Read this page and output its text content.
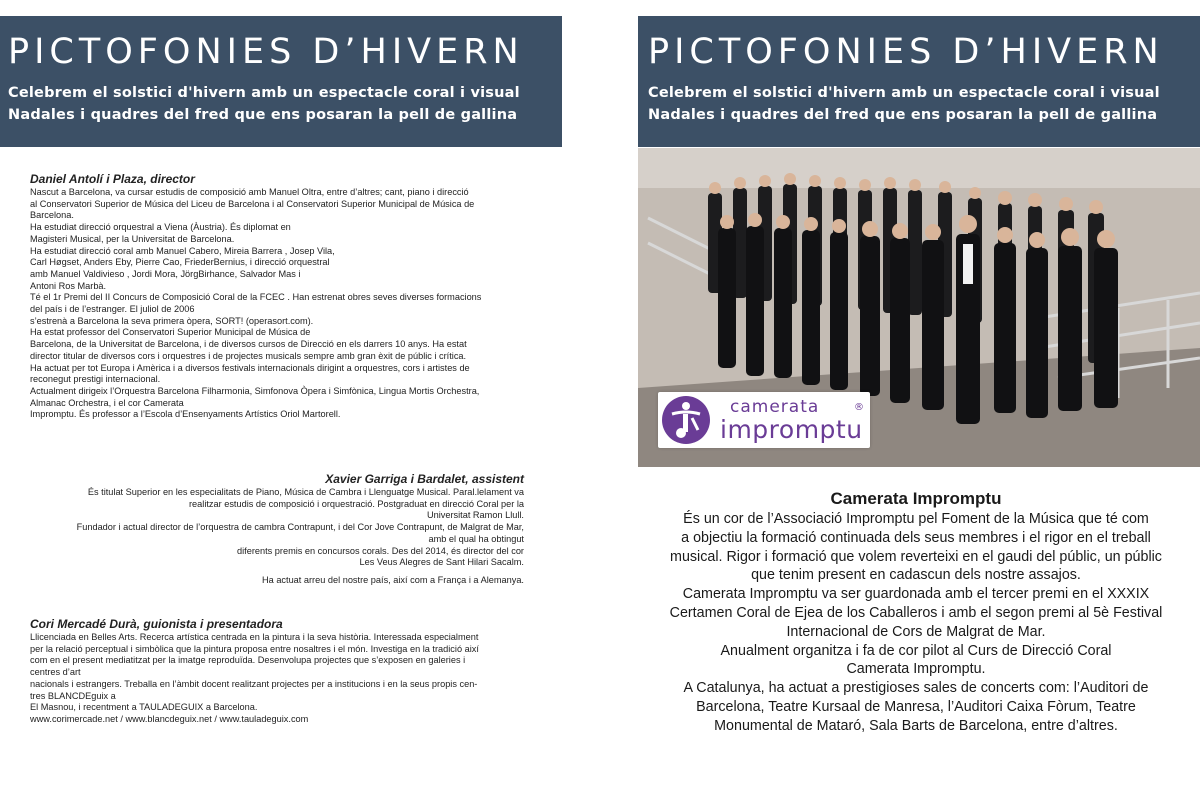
PICTOFONIES D’HIVERN
Celebrem el solstici d'hivern amb un espectacle coral i visual
Nadales i quadres del fred que ens posaran la pell de gallina
PICTOFONIES D’HIVERN
Celebrem el solstici d'hivern amb un espectacle coral i visual
Nadales i quadres del fred que ens posaran la pell de gallina
Daniel Antolí i Plaza, director
Nascut a Barcelona, va cursar estudis de composició amb Manuel Oltra, entre d’altres; cant, piano i direcció
al Conservatori Superior de Música del Liceu de Barcelona i al Conservatori Superior Municipal de Música de
Barcelona.
Ha estudiat direcció orquestral a Viena (Àustria). És diplomat en
Magisteri Musical, per la Universitat de Barcelona.
Ha estudiat direcció coral amb Manuel Cabero, Mireia Barrera , Josep Vila,
Carl Høgset, Anders Eby, Pierre Cao, FriederBernius, i direcció orquestral
amb Manuel Valdivieso , Jordi Mora, JörgBirhance, Salvador Mas i
Antoni Ros Marbà.
Té el 1r Premi del II Concurs de Composició Coral de la FCEC . Han estrenat obres seves diverses formacions
del país i de l’estranger. El juliol de 2006
s’estrenà a Barcelona la seva primera òpera, SORT! (operasort.com).
Ha estat professor del Conservatori Superior Municipal de Música de
Barcelona, de la Universitat de Barcelona, i de diversos cursos de Direcció en els darrers 10 anys. Ha estat
director titular de diversos cors i orquestres i de projectes musicals sempre amb gran èxit de públic i crítica.
Ha actuat per tot Europa i Amèrica i a diversos festivals internacionals dirigint a orquestres, cors i artistes de
reconegut prestigi internacional.
Actualment dirigeix l’Orquestra Barcelona Filharmonia, Simfonova Òpera i Simfònica, Lingua Mortis Orchestra,
Almanac Orchestra, i el cor Camerata
Impromptu. És professor a l’Escola d’Ensenyaments Artístics Oriol Martorell.
Xavier Garriga i Bardalet, assistent
És titulat Superior en les especialitats de Piano, Música de Cambra i Llenguatge Musical. Paral.lelament va
realitzar estudis de composició i orquestració. Postgraduat en direcció Coral per la
Universitat Ramon Llull.
Fundador i actual director de l’orquestra de cambra Contrapunt, i del Cor Jove Contrapunt, de Malgrat de Mar,
amb el qual ha obtingut
diferents premis en concursos corals. Des del 2014, és director del cor
Les Veus Alegres de Sant Hilari Sacalm.
Ha actuat arreu del nostre país, així com a França i a Alemanya.
Cori Mercadé Durà, guionista i presentadora
Llicenciada en Belles Arts. Recerca artística centrada en la pintura i la seva història. Interessada especialment
per la relació perceptual i simbòlica que la pintura proposa entre nosaltres i el món. Investiga en la tradició així
com en el present mediatitzat per la imatge reproduïda. Desenvolupa projectes que s’exposen en galeries i
centres d’art
nacionals i estrangers. Treballa en l’àmbit docent realitzant projectes per a institucions i en la seus propis cen-
tres BLANCDEguix a
El Masnou, i recentment a TAULADEGUIX a Barcelona.
www.corimercade.net / www.blancdeguix.net / www.tauladeguix.com
camerata
impromptu
®
Camerata Impromptu
És un cor de l’Associació Impromptu pel Foment de la Música que té com
a objectiu la formació continuada dels seus membres i el rigor en el treball
musical. Rigor i formació que volem reverteixi en el gaudi del públic, un públic
que tenim present en cadascun dels nostre assajos.
Camerata Impromptu va ser guardonada amb el tercer premi en el XXXIX
Certamen Coral de Ejea de los Caballeros i amb el segon premi al 5è Festival
Internacional de Cors de Malgrat de Mar.
Anualment organitza i fa de cor pilot al Curs de Direcció Coral
Camerata Impromptu.
A Catalunya, ha actuat a prestigioses sales de concerts com: l’Auditori de
Barcelona, Teatre Kursaal de Manresa, l’Auditori Caixa Fòrum, Teatre
Monumental de Mataró, Sala Barts de Barcelona, entre d’altres.
